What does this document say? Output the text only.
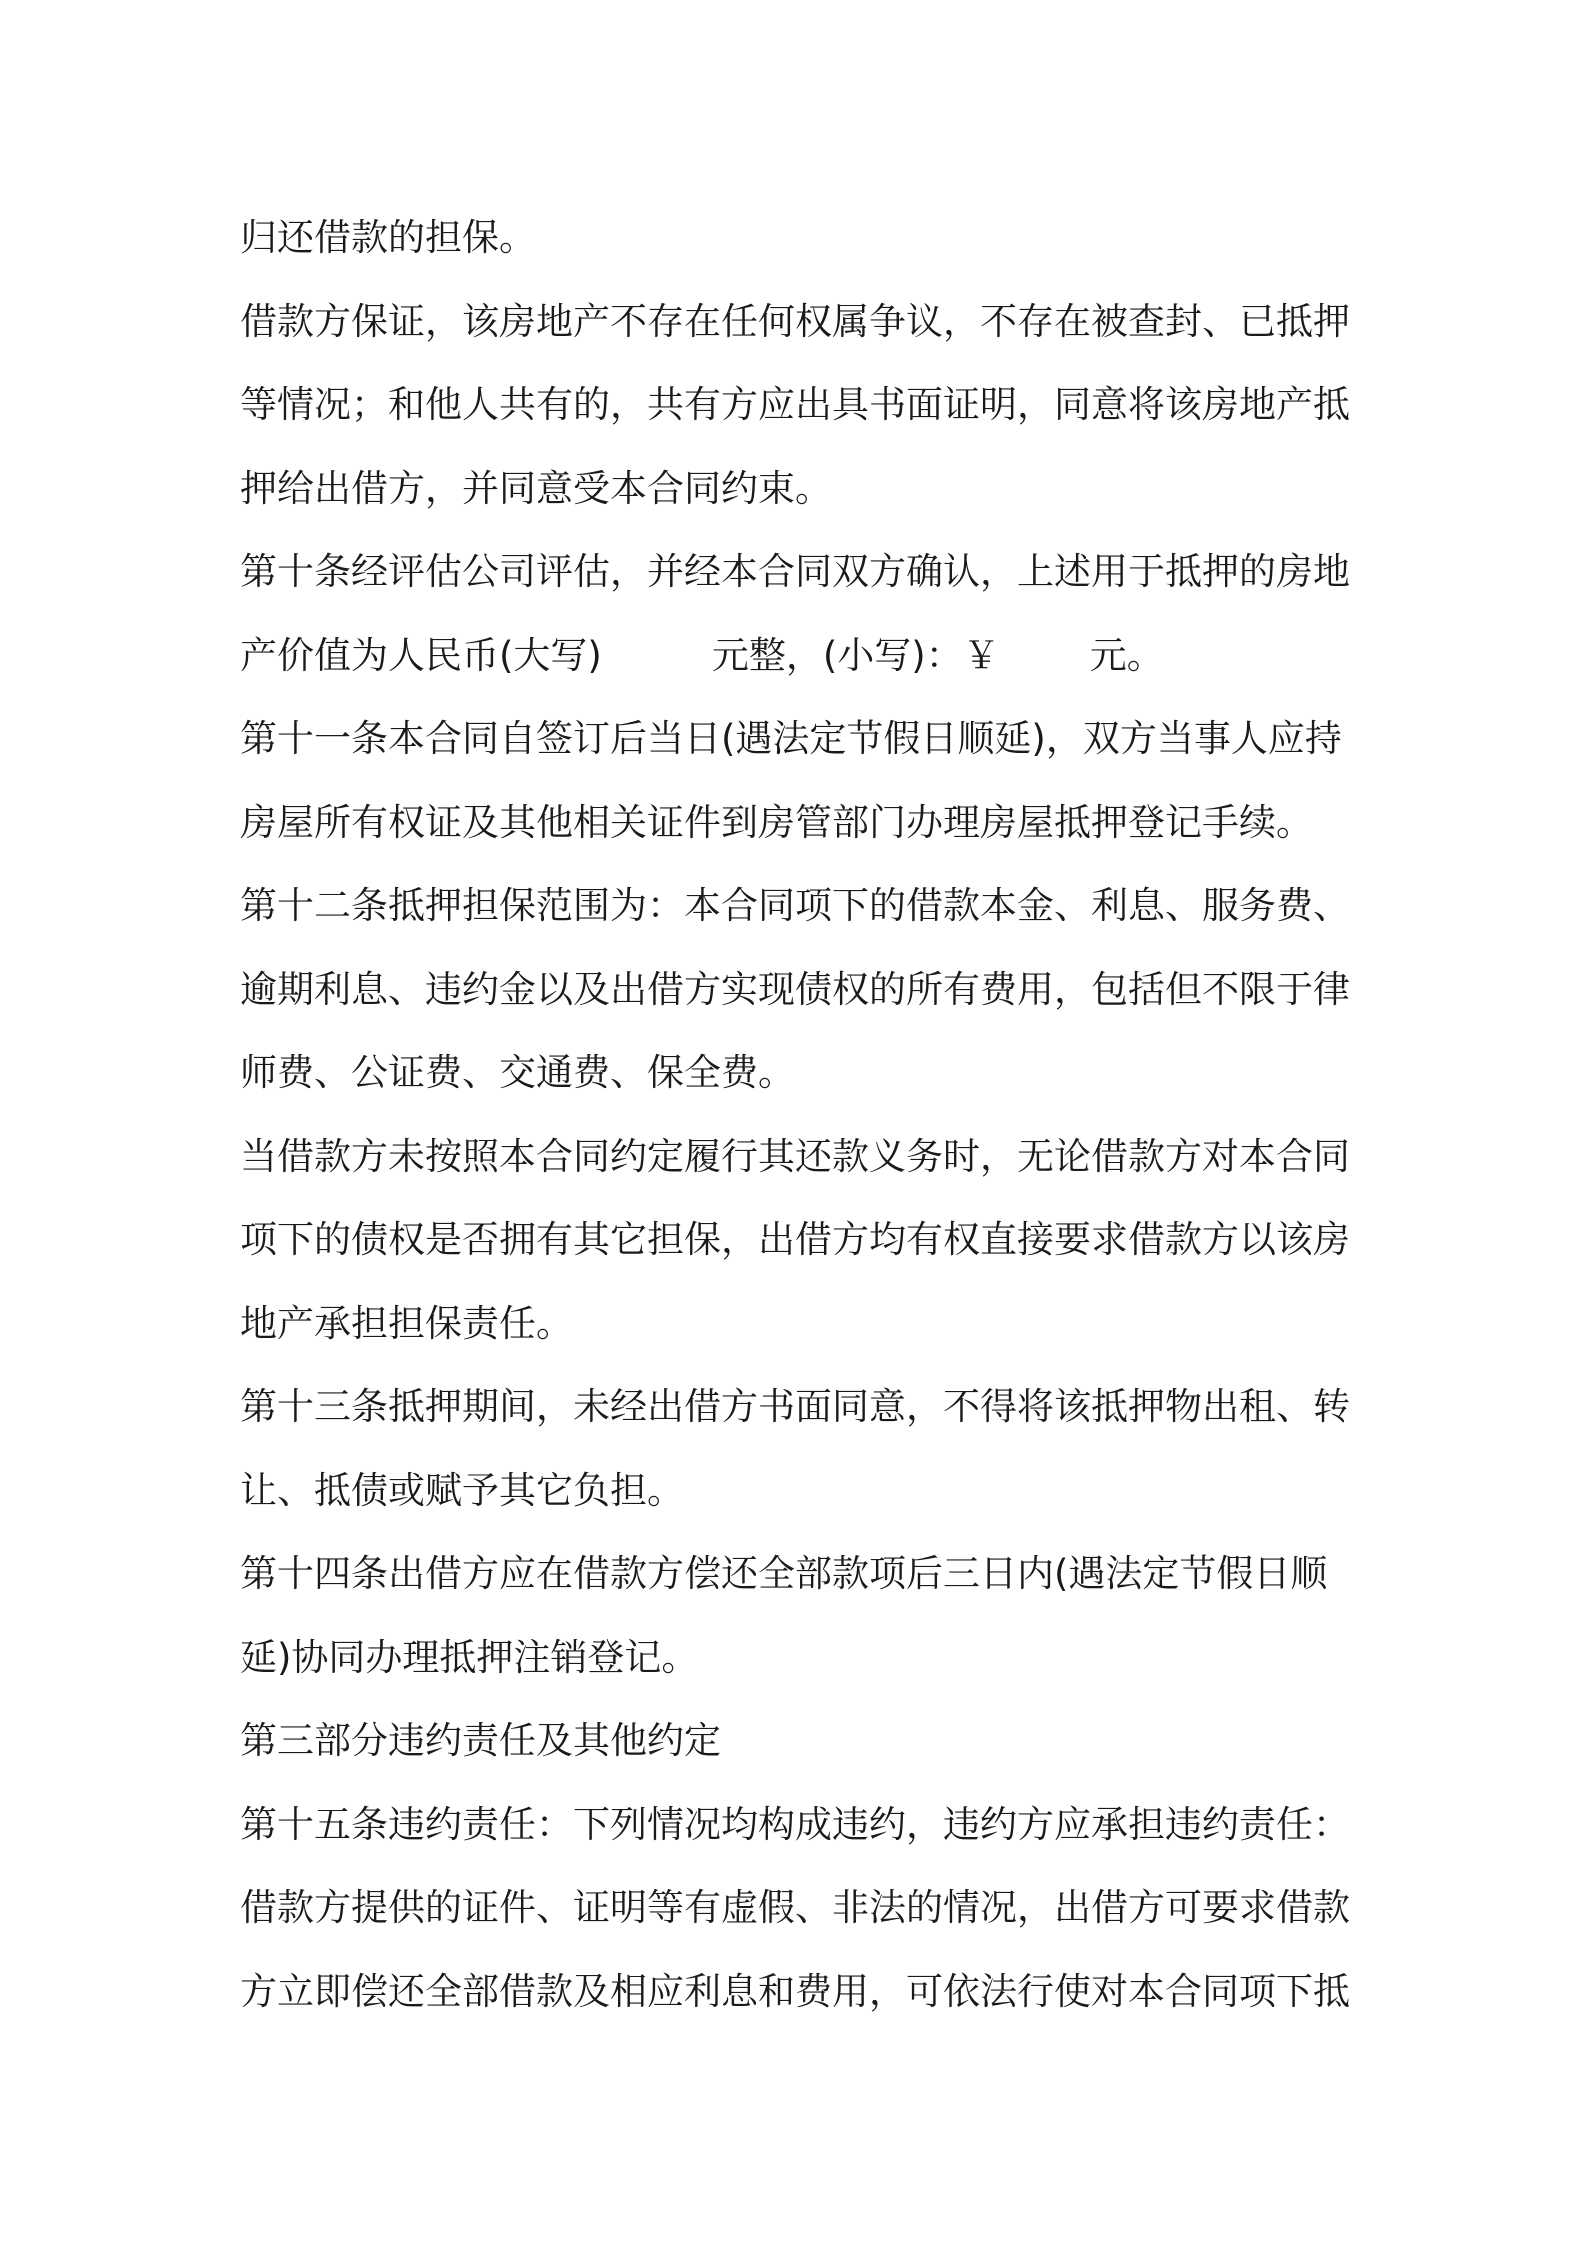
归还借款的担保。
借款方保证，该房地产不存在任何权属争议，不存在被查封、已抵押
等情况；和他人共有的，共有方应出具书面证明，同意将该房地产抵
押给出借方，并同意受本合同约束。
第十条经评估公司评估，并经本合同双方确认，上述用于抵押的房地
产价值为人民币(大写)	元整，(小写)：￥ 元。
第十一条本合同自签订后当日(遇法定节假日顺延)，双方当事人应持
房屋所有权证及其他相关证件到房管部门办理房屋抵押登记手续。
第十二条抵押担保范围为：本合同项下的借款本金、利息、服务费、
逾期利息、违约金以及出借方实现债权的所有费用，包括但不限于律
师费、公证费、交通费、保全费。
当借款方未按照本合同约定履行其还款义务时，无论借款方对本合同
项下的债权是否拥有其它担保，出借方均有权直接要求借款方以该房
地产承担担保责任。
第十三条抵押期间，未经出借方书面同意，不得将该抵押物出租、转
让、抵债或赋予其它负担。
第十四条出借方应在借款方偿还全部款项后三日内(遇法定节假日顺
延)协同办理抵押注销登记。
第三部分违约责任及其他约定
第十五条违约责任：下列情况均构成违约，违约方应承担违约责任：
借款方提供的证件、证明等有虚假、非法的情况，出借方可要求借款
方立即偿还全部借款及相应利息和费用，可依法行使对本合同项下抵
